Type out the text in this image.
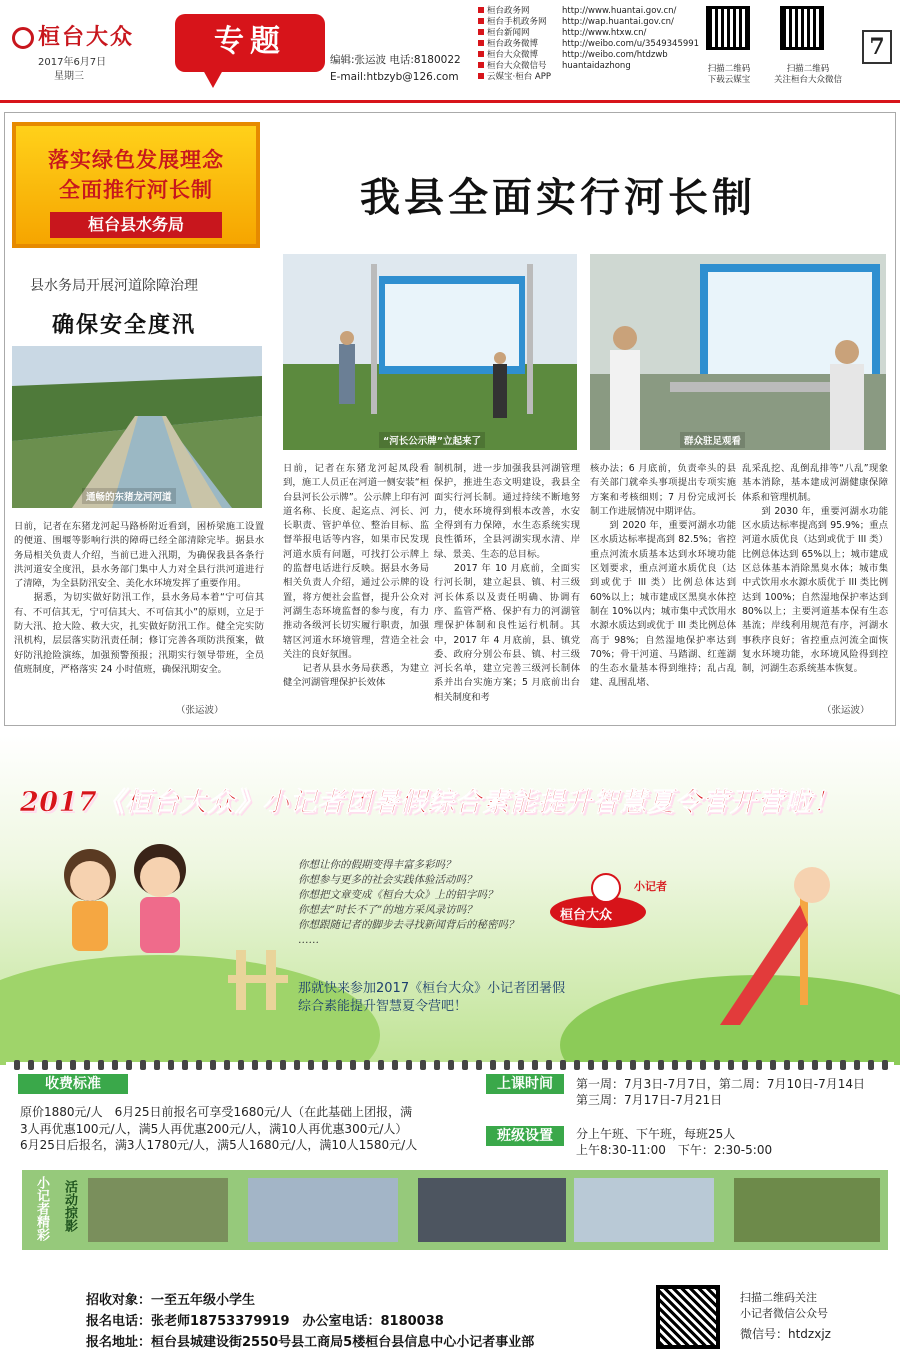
桓台大众
2017年6月7日
星期三
专题
编辑:张运波 电话:8180022
E-mail:htbzyb@126.com
桓台政务网	http://www.huantai.gov.cn/
桓台手机政务网 http://wap.huantai.gov.cn/
桓台新闻网	http://www.htxw.cn/
桓台政务微博	http://weibo.com/u/3549345991
桓台大众微博	http://weibo.com/htdzwb
桓台大众微信号 huantaidazhong
云媒宝·桓台 APP
扫描二维码
下载云媒宝
扫描二维码
关注桓台大众微信
7
落实绿色发展理念
全面推行河长制
桓台县水务局
我县全面实行河长制
县水务局开展河道除障治理
确保安全度汛
通畅的东猪龙河河道
“河长公示牌”立起来了	群众驻足观看
日前，记者在东猪龙河起马路桥附近看到，困桥梁施工设置的便道、围堰等影响行洪的障碍已经全部清除完毕。据县水务局相关负责人介绍，当前已进入汛期，为确保我县各条行洪河道安全度汛，县水务部门集中人力对全县行洪河道进行了清障，为全县防汛安全、美化水环境发挥了重要作用。
　　据悉，为切实做好防汛工作，县水务局本着“宁可信其有、不可信其无，宁可信其大、不可信其小”的原则，立足于防大汛、抢大险、救大灾，扎实做好防汛工作。健全完实防汛机构，层层落实防汛责任制；修订完善各项防洪预案，做好防汛抢险演练，加强预警预报；汛期实行领导带班，全员值班制度，严格落实 24 小时值班，确保汛期安全。
（张运波）
日前，记者在东猪龙河起凤段看到，施工人员正在河道一侧安装“桓台县河长公示牌”。公示牌上印有河道名称、长度、起迄点、河长、河长职责、管护单位、整治目标、监督举报电话等内容，如果市民发现河道水质有问题，可找打公示牌上的监督电话进行反映。据县水务局相关负责人介绍，通过公示牌的设置，将方便社会监督，提升公众对河湖生态环境监督的参与度，有力推动各级河长切实履行职责，加强辖区河道水环境管理，营造全社会关注的良好氛围。
　　记者从县水务局获悉，为建立健全河湖管理保护长效体
制机制，进一步加强我县河湖管理保护，推进生态文明建设，我县全面实行河长制。通过持续不断地努力，使水环境得到根本改善，水安全得到有力保障，水生态系统实现良性循环，全县河湖实现水清、岸绿、景美、生态的总目标。
　　2017 年 10 月底前，全面实行河长制，建立起县、镇、村三级河长体系以及责任明确、协调有序、监管严格、保护有力的河湖管理保护体制和良性运行机制。其中，2017 年 4 月底前，县、镇党委、政府分别公布县、镇、村三级河长名单，建立完善三级河长制体系并出台实施方案；5 月底前出台相关制度和考
核办法；6 月底前，负责牵头的县有关部门就牵头事项提出专项实施方案和考核细则；7 月份完成河长制工作进展情况中期评估。
　　到 2020 年，重要河湖水功能区水质达标率提高到 82.5%；省控重点河流水质基本达到水环境功能区划要求，重点河道水质优良（达到或优于 III 类）比例总体达到 60%以上；城市建成区黑臭水体控制在 10%以内；城市集中式饮用水水源水质达到或优于 III 类比例总体高于 98%；自然湿地保护率达到 70%；骨干河道、马踏湖、红莲湖的生态水量基本得到维持；乱占乱建、乱围乱堵、
乱采乱挖、乱倒乱排等“八乱”现象基本消除，基本建成河湖健康保障体系和管理机制。
　　到 2030 年，重要河湖水功能区水质达标率提高到 95.9%；重点河道水质优良（达到或优于 III 类）比例总体达到 65%以上；城市建成区总体基本消除黑臭水体；城市集中式饮用水水源水质优于 III 类比例达到 100%；自然湿地保护率达到 80%以上；主要河道基本保有生态基流；岸线利用规范有序，河湖水事秩序良好；省控重点河流全面恢复水环境功能，水环境风险得到控制，河湖生态系统基本恢复。
（张运波）
2017《桓台大众》小记者团暑假综合素能提升智慧夏令营开营啦！
你想让你的假期变得丰富多彩吗？
你想参与更多的社会实践体验活动吗？
你想把文章变成《桓台大众》上的铅字吗？
你想去“时长不了”的地方采风录访吗？
你想跟随记者的脚步去寻找新闻背后的秘密吗？
……
那就快来参加2017《桓台大众》小记者团暑假
综合素能提升智慧夏令营吧！
小记者
桓台大众
收费标准
原价1880元/人　6月25日前报名可享受1680元/人（在此基础上团报，满
3人再优惠100元/人，满5人再优惠200元/人，满10人再优惠300元/人）
6月25日后报名，满3人1780元/人，满5人1680元/人，满10人1580元/人
上课时间	第一周：7月3日-7月7日，第二周：7月10日-7月14日
第三周：7月17日-7月21日
班级设置	分上午班、下午班，每班25人
上午8:30-11:00　下午：2:30-5:00
小记者精彩	活动掠影
招收对象：一至五年级小学生
报名电话：张老师18753379919　办公室电话：8180038
报名地址：桓台县城建设街2550号县工商局5楼桓台县信息中心小记者事业部
扫描二维码关注
小记者微信公众号
微信号：htdzxjz
